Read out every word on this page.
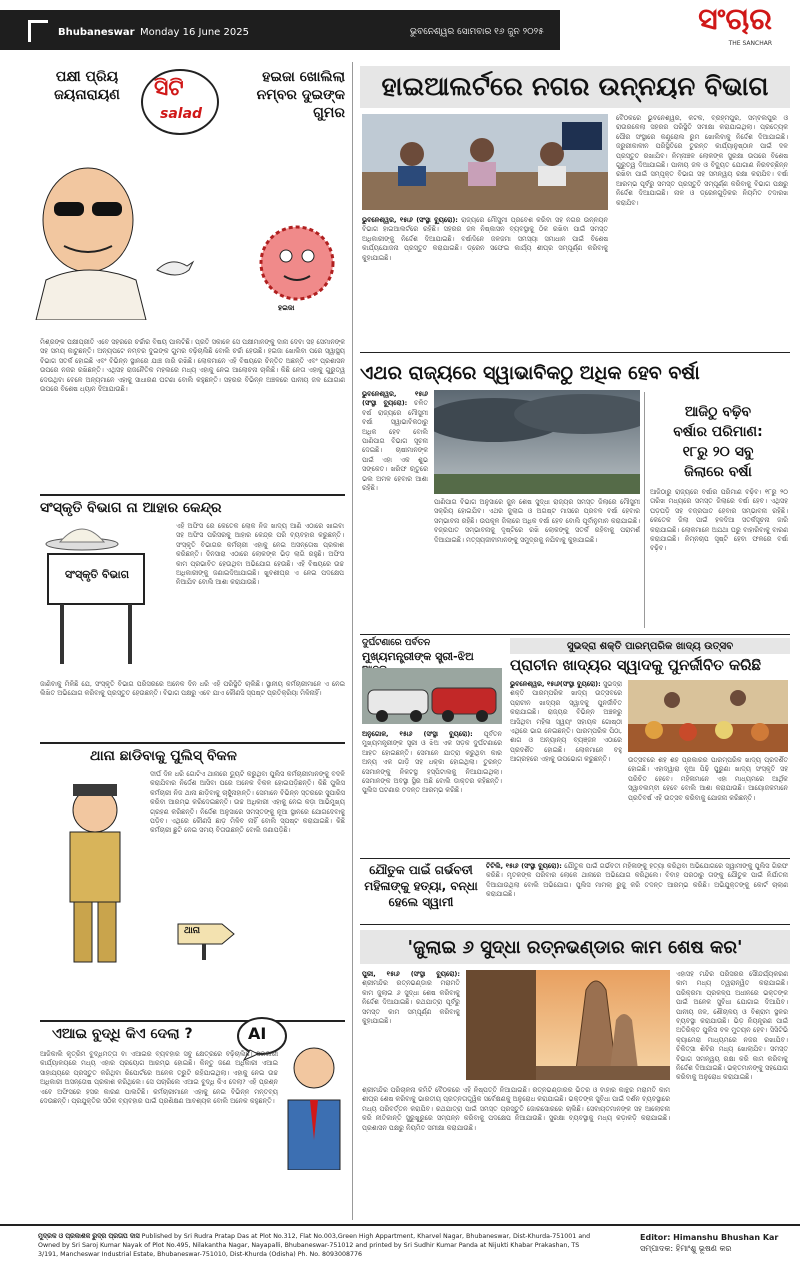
Bhubaneswar Monday 16 June 2025	ଭୁବନେଶ୍ୱର ସୋମବାର ୧୬ ଜୁନ ୨୦୨୫	ସଂଚାର
THE SANCHAR
ପକ୍ଷୀ ପ୍ରିୟ
ଜୟନାରାୟଣ
ହଇଜା ଖୋଲିଲା
ନମ୍ବର ଦୁଇଙ୍କ
ଗୁମର
ସିଟି
salad
ହଇଜା
ମିଶ୍ରଙ୍କ ପକ୍ଷୀପ୍ରୀତି ଏବେ ସହରରେ ଚର୍ଚ୍ଚାର ବିଷୟ ପାଲଟିଛି। ପ୍ରତି ସକାଳେ ସେ ପକ୍ଷୀମାନଙ୍କୁ ଦାନା ଦେବା ସହ ସେମାନଙ୍କ ସହ ସମୟ କାଟୁଛନ୍ତି। ଅନ୍ୟପଟେ ନମ୍ବର ଦୁଇଙ୍କ ଗୁମର ବଢ଼ିଚାଲିଛି ବୋଲି ଚର୍ଚ୍ଚା ହେଉଛି। ହଇଜା ଖୋଲିବା ପରେ ସ୍ୱାସ୍ଥ୍ୟ ବିଭାଗ ସତର୍କ ହୋଇଛି ଏବଂ ବିଭିନ୍ନ ସ୍ଥାନରେ ଯାଞ୍ଚ ଜାରି ରଖିଛି। ଲୋକମାନେ ଏହି ବିଷୟରେ ଚିନ୍ତିତ ଅଛନ୍ତି ଏବଂ ପ୍ରଶାସନ ଉପରେ ନଜର ରଖିଛନ୍ତି। ଏଥିସହ ରାଜନୈତିକ ମହଲରେ ମଧ୍ୟ ଏହାକୁ ନେଇ ଆଲୋଚନା ଚାଲିଛି। କିଛି ନେତା ଏହାକୁ ଗୁରୁତ୍ୱ ଦେଉଥିବା ବେଳେ ଅନ୍ୟମାନେ ଏହାକୁ ସାଧାରଣ ଘଟଣା ବୋଲି କହୁଛନ୍ତି। ସହରର ବିଭିନ୍ନ ଅଞ୍ଚଳରେ ପାନୀୟ ଜଳ ଯୋଗାଣ ଉପରେ ବିଶେଷ ଧ୍ୟାନ ଦିଆଯାଉଛି।
ସଂସ୍କୃତି ବିଭାଗ ନା ଆହାର କେନ୍ଦ୍ର
ସଂସ୍କୃତି ବିଭାଗ
ଏହି ଅଫିସ ରେ କେତେକ ଲୋକ ନିଜ ଖାଦ୍ୟ ଆଣି ଏଠାରେ ଖାଇବା ସହ ଅଫିସ ପରିସରକୁ ଆହାର କେନ୍ଦ୍ର ପରି ବ୍ୟବହାର କରୁଛନ୍ତି। ସଂସ୍କୃତି ବିଭାଗର କର୍ମଚାରୀ ଏହାକୁ ନେଇ ଅସନ୍ତୋଷ ପ୍ରକାଶ କରିଛନ୍ତି। ଦିନସାରା ଏଠାରେ ଲୋକଙ୍କ ଭିଡ଼ ଲାଗି ରହୁଛି। ଅଫିସ କାମ ପ୍ରଭାବିତ ହେଉଥିବା ଅଭିଯୋଗ ହେଉଛି। ଏହି ବିଷୟରେ ଉଚ୍ଚ ଅଧିକାରୀଙ୍କୁ ଜଣାଇଦିଆଯାଇଛି। ଖୁବଶୀଘ୍ର ଏ ନେଇ ପଦକ୍ଷେପ ନିଆଯିବ ବୋଲି ଆଶା କରାଯାଉଛି।
ଜାଣିବାକୁ ମିଳିଛି ଯେ, ସଂସ୍କୃତି ବିଭାଗ ପରିସରରେ ଅନେକ ଦିନ ଧରି ଏହି ପରିସ୍ଥିତି ଚାଲିଛି। ସ୍ଥାନୀୟ କର୍ମଚାରୀମାନେ ଏ ନେଇ ଲିଖିତ ଅଭିଯୋଗ କରିବାକୁ ପ୍ରସ୍ତୁତ ହେଉଛନ୍ତି। ବିଭାଗ ପକ୍ଷରୁ ଏବେ ଯାଏ କୌଣସି ସ୍ପଷ୍ଟ ପ୍ରତିକ୍ରିୟା ମିଳିନାହିଁ।
ଥାନା ଛାଡିବାକୁ ପୁଲିସ୍ ବିକଳ
ଥାନା
ଦୀର୍ଘ ଦିନ ଧରି ଗୋଟିଏ ଥାନାରେ ଡ୍ୟୁଟି କରୁଥିବା ପୁଲିସ କର୍ମଚାରୀମାନଙ୍କୁ ବଦଳି କରାଯିବାର ନିର୍ଦ୍ଦେଶ ଆସିବା ପରେ ଅନେକ ବିକଳ ହୋଇପଡ଼ିଛନ୍ତି। କିଛି ପୁଲିସ କର୍ମଚାରୀ ନିଜ ଥାନା ଛାଡ଼ିବାକୁ ଚାହୁଁନାହାନ୍ତି। ସେମାନେ ବିଭିନ୍ନ ସ୍ତରରେ ସୁପାରିସ କରିବା ଆରମ୍ଭ କରିଦେଇଛନ୍ତି। ଉଚ୍ଚ ଅଧିକାରୀ ଏହାକୁ ନେଇ କଡ଼ା ଆଭିମୁଖ୍ୟ ଗ୍ରହଣ କରିଛନ୍ତି। ନିର୍ଦ୍ଦେଶ ଅନୁସାରେ ସମସ୍ତଙ୍କୁ ନୂଆ ସ୍ଥାନରେ ଯୋଗଦେବାକୁ ପଡ଼ିବ। ଏଥିରେ କୌଣସି ଛାଡ଼ ମିଳିବ ନାହିଁ ବୋଲି ସ୍ପଷ୍ଟ କରାଯାଇଛି। କିଛି କର୍ମଚାରୀ ଛୁଟି ନେଇ ସମୟ ବିତାଉଛନ୍ତି ବୋଲି ଜଣାପଡ଼ିଛି।
ଏଆଇ ବୁଦ୍ଧି କିଏ ଦେଲା ?	AI
ଆଜିକାଲି କୃତ୍ରିମ ବୁଦ୍ଧିମତ୍ତା ବା ଏଆଇର ବ୍ୟବହାର ସବୁ କ୍ଷେତ୍ରରେ ବଢ଼ିଚାଲିଛି। ସରକାରୀ କାର୍ଯ୍ୟାଳୟରେ ମଧ୍ୟ ଏହାର ପ୍ରୟୋଗ ଆରମ୍ଭ ହୋଇଛି। କିନ୍ତୁ ଜଣେ ଅଧିକାରୀ ଏଆଇ ସାହାଯ୍ୟରେ ପ୍ରସ୍ତୁତ କରିଥିବା ରିପୋର୍ଟରେ ଅନେକ ତ୍ରୁଟି ରହିଯାଇଥିଲା। ଏହାକୁ ନେଇ ଉଚ୍ଚ ଅଧିକାରୀ ଅସନ୍ତୋଷ ପ୍ରକାଶ କରିଥିଲେ। ସେ ପଚାରିଲେ ଏଆଇ ବୁଦ୍ଧି କିଏ ଦେଲା? ଏହି ପ୍ରଶ୍ନ ଏବେ ଅଫିସରେ ହସର କାରଣ ପାଲଟିଛି। କର୍ମଚାରୀମାନେ ଏହାକୁ ନେଇ ବିଭିନ୍ନ ମନ୍ତବ୍ୟ ଦେଉଛନ୍ତି। ପ୍ରଯୁକ୍ତିର ସଠିକ ବ୍ୟବହାର ପାଇଁ ପ୍ରଶିକ୍ଷଣ ଆବଶ୍ୟକ ବୋଲି ଅନେକ କହୁଛନ୍ତି।
ହାଇଆଲର୍ଟରେ ନଗର ଉନ୍ନୟନ ବିଭାଗ
ଭୁବନେଶ୍ୱର, ୧୫ା୬ (ସଂସ୍ଥା ବ୍ୟୁରୋ): ରାଜ୍ୟରେ ମୌସୁମୀ ପ୍ରବେଶ କରିବା ସହ ନଗର ଉନ୍ନୟନ ବିଭାଗ ହାଇଆଲର୍ଟରେ ରହିଛି। ସହରର ଜଳ ନିଷ୍କାସନ ବ୍ୟବସ୍ଥାକୁ ଠିକ ରଖିବା ପାଇଁ ସମସ୍ତ ଅଧିକାରୀଙ୍କୁ ନିର୍ଦ୍ଦେଶ ଦିଆଯାଇଛି। ବର୍ଷାଦିନେ ଜଳଜମା ସମସ୍ୟା ସମାଧାନ ପାଇଁ ବିଶେଷ କାର୍ଯ୍ୟଯୋଜନା ପ୍ରସ୍ତୁତ କରାଯାଇଛି। ଡ୍ରେନ ସଫେଇ କାର୍ଯ୍ୟ ଶୀଘ୍ର ସମ୍ପୂର୍ଣ୍ଣ କରିବାକୁ କୁହାଯାଇଛି।
ବୈଠକରେ ଭୁବନେଶ୍ୱର, କଟକ, ବ୍ରହ୍ମପୁର, ସମ୍ବଲପୁର ଓ ରାଉରକେଲା ସହରର ପରିସ୍ଥିତି ସମୀକ୍ଷା କରାଯାଇଥିଲା। ପ୍ରତ୍ୟେକ ପୌର ସଂସ୍ଥାରେ କଣ୍ଟ୍ରୋଲ ରୁମ ଖୋଲିବାକୁ ନିର୍ଦ୍ଦେଶ ଦିଆଯାଇଛି। ଜରୁରୀକାଳୀନ ପରିସ୍ଥିତିରେ ତୁରନ୍ତ କାର୍ଯ୍ୟାନୁଷ୍ଠାନ ପାଇଁ ଦଳ ପ୍ରସ୍ତୁତ ରଖାଯିବ। ନିମ୍ନାଞ୍ଚଳ ଲୋକଙ୍କ ସୁରକ୍ଷା ଉପରେ ବିଶେଷ ଗୁରୁତ୍ୱ ଦିଆଯାଇଛି। ପାନୀୟ ଜଳ ଓ ବିଦ୍ୟୁତ ଯୋଗାଣ ନିରବଚ୍ଛିନ୍ନ ରଖିବା ପାଇଁ ସମ୍ପୃକ୍ତ ବିଭାଗ ସହ ସମନ୍ୱୟ ରକ୍ଷା କରାଯିବ। ବର୍ଷା ଆରମ୍ଭ ପୂର୍ବରୁ ସମସ୍ତ ପ୍ରସ୍ତୁତି ସମ୍ପୂର୍ଣ୍ଣ କରିବାକୁ ବିଭାଗ ପକ୍ଷରୁ ନିର୍ଦ୍ଦେଶ ଦିଆଯାଇଛି। ନାଳ ଓ ଡ୍ରେନଗୁଡ଼ିକର ନିୟମିତ ତଦାରଖ କରାଯିବ।
ଏଥର ରାଜ୍ୟରେ ସ୍ୱାଭାବିକଠୁ ଅଧିକ ହେବ ବର୍ଷା
ଭୁବନେଶ୍ୱର, ୧୫ା୬ (ସଂସ୍ଥା ବ୍ୟୁରୋ): ଚଳିତ ବର୍ଷ ରାଜ୍ୟରେ ମୌସୁମୀ ବର୍ଷା ସ୍ୱାଭାବିକଠାରୁ ଅଧିକ ହେବ ବୋଲି ପାଣିପାଗ ବିଭାଗ ସୂଚନା ଦେଇଛି। ଚାଷୀମାନଙ୍କ ପାଇଁ ଏହା ଏକ ଶୁଭ ସଙ୍କେତ। ଖରିଫ ଋତୁରେ ଭଲ ଅମଳ ହେବାର ଆଶା ରହିଛି।
ପାଣିପାଗ ବିଭାଗ ଅନୁସାରେ ଜୁନ ଶେଷ ସୁଦ୍ଧା ରାଜ୍ୟର ସମସ୍ତ ଜିଲାରେ ମୌସୁମୀ ସକ୍ରିୟ ହୋଇଯିବ। ଏଥର ଜୁଲାଇ ଓ ଅଗଷ୍ଟ ମାସରେ ପ୍ରବଳ ବର୍ଷା ହେବାର ସମ୍ଭାବନା ରହିଛି। ଉପକୂଳ ଜିଲାରେ ଅଧିକ ବର୍ଷା ହେବ ବୋଲି ପୂର୍ବାନୁମାନ କରାଯାଇଛି। ବଜ୍ରପାତ ସମ୍ଭାବନାକୁ ଦୃଷ୍ଟିରେ ରଖି ଲୋକଙ୍କୁ ସତର୍କ ରହିବାକୁ ପରାମର୍ଶ ଦିଆଯାଇଛି। ମତ୍ସ୍ୟଜୀବୀମାନଙ୍କୁ ସମୁଦ୍ରକୁ ନଯିବାକୁ କୁହାଯାଇଛି।
ଆଜିଠୁ ବଢ଼ିବ
ବର୍ଷାର ପରିମାଣ:
୧୮ରୁ ୨୦ ସବୁ
ଜିଲାରେ ବର୍ଷା
ଆଜିଠାରୁ ରାଜ୍ୟରେ ବର୍ଷାର ପରିମାଣ ବଢ଼ିବ। ୧୮ରୁ ୨୦ ତାରିଖ ମଧ୍ୟରେ ସମସ୍ତ ଜିଲାରେ ବର୍ଷା ହେବ। ଏଥିସହ ଘଡ଼ଘଡ଼ି ସହ ବଜ୍ରପାତ ହେବାର ସମ୍ଭାବନା ରହିଛି। କେତେକ ଜିଲା ପାଇଁ ହଳଦିଆ ସତର୍କସୂଚନା ଜାରି କରାଯାଇଛି। ଲୋକମାନେ ଅଯଥା ଘରୁ ବାହାରିବାକୁ ବାରଣ କରାଯାଇଛି। ନିମ୍ନଚାପ ସୃଷ୍ଟି ହେବା ଫଳରେ ବର୍ଷା ବଢ଼ିବ।
ଦୁର୍ଘଟଣାରେ ପର୍ବତନ
ମୁଖ୍ୟମନ୍ତ୍ରୀଙ୍କ ସ୍ତ୍ରୀ-ଝିଅ
ଅନୁଗୋଳ, ୧୫ା୬ (ସଂସ୍ଥା ବ୍ୟୁରୋ): ପୂର୍ବତନ ମୁଖ୍ୟମନ୍ତ୍ରୀଙ୍କ ସ୍ତ୍ରୀ ଓ ଝିଅ ଏକ ସଡ଼କ ଦୁର୍ଘଟଣାରେ ଆହତ ହୋଇଛନ୍ତି। ସେମାନେ ଯାତ୍ରା କରୁଥିବା କାର ଅନ୍ୟ ଏକ ଗାଡ଼ି ସହ ଧକ୍କା ହୋଇଥିଲା। ତୁରନ୍ତ ସେମାନଙ୍କୁ ନିକଟସ୍ଥ ହସ୍ପିଟାଲକୁ ନିଆଯାଇଥିଲା। ସେମାନଙ୍କ ଅବସ୍ଥା ସ୍ଥିର ଅଛି ବୋଲି ଡାକ୍ତର କହିଛନ୍ତି। ପୁଲିସ ଘଟଣାର ତଦନ୍ତ ଆରମ୍ଭ କରିଛି।
ସୁଭଦ୍ରା ଶକ୍ତି ପାରମ୍ପରିକ ଖାଦ୍ୟ ଉତ୍ସବ
ପ୍ରାଚୀନ ଖାଦ୍ୟର ସ୍ୱାଦକୁ ପୁନର୍ଜୀବିତ କରିଛି
ଭୁବନେଶ୍ୱର, ୧୫ା୬(ସଂସ୍ଥା ବ୍ୟୁରୋ): ସୁଭଦ୍ରା ଶକ୍ତି ପାରମ୍ପରିକ ଖାଦ୍ୟ ଉତ୍ସବରେ ପ୍ରାଚୀନ ଖାଦ୍ୟର ସ୍ୱାଦକୁ ପୁନର୍ଜୀବିତ କରାଯାଇଛି। ରାଜ୍ୟର ବିଭିନ୍ନ ଅଞ୍ଚଳରୁ ଆସିଥିବା ମହିଳା ସ୍ୱୟଂ ସହାୟକ ଗୋଷ୍ଠୀ ଏଥିରେ ଭାଗ ନେଇଛନ୍ତି। ପାରମ୍ପରିକ ପିଠା, ଶାଗ ଓ ଅନ୍ୟାନ୍ୟ ବ୍ୟଞ୍ଜନ ଏଠାରେ ପ୍ରଦର୍ଶିତ ହୋଇଛି। ଲୋକମାନେ ବହୁ ଆଗ୍ରହରେ ଏହାକୁ ଉପଭୋଗ କରୁଛନ୍ତି।	ଉତ୍ସବରେ ଶହ ଶହ ପ୍ରକାରର ପାରମ୍ପରିକ ଖାଦ୍ୟ ପ୍ରଦର୍ଶିତ ହୋଇଛି। ଏହାଦ୍ୱାରା ନୂଆ ପିଢ଼ି ପୁରୁଣା ଖାଦ୍ୟ ସଂସ୍କୃତି ସହ ପରିଚିତ ହେବେ। ମହିଳାମାନେ ଏହା ମାଧ୍ୟମରେ ଆର୍ଥିକ ସ୍ୱାବଲମ୍ବୀ ହେବେ ବୋଲି ଆଶା କରାଯାଉଛି। ଆୟୋଜକମାନେ ପ୍ରତିବର୍ଷ ଏହି ଉତ୍ସବ କରିବାକୁ ଯୋଜନା କରିଛନ୍ତି।
ଯୌତୁକ ପାଇଁ ଗର୍ଭବତୀ
ମହିଳାଙ୍କୁ ହତ୍ୟା, ବନ୍ଧା
ହେଲେ ସ୍ୱାମୀ
ଟିଟିଲି, ୧୫ା୬ (ସଂସ୍ଥା ବ୍ୟୁରୋ): ଯୌତୁକ ପାଇଁ ଗର୍ଭବତୀ ମହିଳାଙ୍କୁ ହତ୍ୟା କରିଥିବା ଅଭିଯୋଗରେ ସ୍ୱାମୀଙ୍କୁ ପୁଲିସ ଗିରଫ କରିଛି। ମୃତକଙ୍କ ପରିବାର ଲୋକେ ଥାନାରେ ଅଭିଯୋଗ କରିଥିଲେ। ବିବାହ ପରଠାରୁ ତାଙ୍କୁ ଯୌତୁକ ପାଇଁ ନିର୍ଯାତନା ଦିଆଯାଉଥିଲା ବୋଲି ଅଭିଯୋଗ। ପୁଲିସ ମାମଲା ରୁଜୁ କରି ତଦନ୍ତ ଆରମ୍ଭ କରିଛି। ଅଭିଯୁକ୍ତଙ୍କୁ କୋର୍ଟ ଚାଲାଣ କରାଯାଇଛି।
'ଜୁଲାଇ ୬ ସୁଦ୍ଧା ରତ୍ନଭଣ୍ଡାର କାମ ଶେଷ କର'
ପୁରୀ, ୧୫ା୬ (ସଂସ୍ଥା ବ୍ୟୁରୋ): ଶ୍ରୀମନ୍ଦିର ରତ୍ନଭଣ୍ଡାର ମରାମତି କାମ ଜୁଲାଇ ୬ ସୁଦ୍ଧା ଶେଷ କରିବାକୁ ନିର୍ଦ୍ଦେଶ ଦିଆଯାଇଛି। ରଥଯାତ୍ରା ପୂର୍ବରୁ ସମସ୍ତ କାମ ସମ୍ପୂର୍ଣ୍ଣ କରିବାକୁ କୁହାଯାଇଛି।
ଶ୍ରୀମନ୍ଦିର ପରିଚାଳନା କମିଟି ବୈଠକରେ ଏହି ନିଷ୍ପତ୍ତି ନିଆଯାଇଛି। ରତ୍ନଭଣ୍ଡାରର ଭିତର ଓ ବାହାର କାନ୍ଥର ମରାମତି କାମ ଶୀଘ୍ର ଶେଷ କରିବାକୁ ଭାରତୀୟ ପ୍ରତ୍ନତାତ୍ତ୍ୱିକ ସର୍ବେକ୍ଷଣକୁ ଅନୁରୋଧ କରାଯାଇଛି। ଭକ୍ତଙ୍କ ସୁବିଧା ପାଇଁ ଦର୍ଶନ ବ୍ୟବସ୍ଥାରେ ମଧ୍ୟ ପରିବର୍ତ୍ତନ କରାଯିବ। ରଥଯାତ୍ରା ପାଇଁ ସମସ୍ତ ପ୍ରସ୍ତୁତି ଜୋରସୋରରେ ଚାଲିଛି। ସେବାୟତମାନଙ୍କ ସହ ଆଲୋଚନା କରି ନୀତିକାନ୍ତି ସୁରୁଖୁରୁରେ ସମ୍ପନ୍ନ କରିବାକୁ ପଦକ୍ଷେପ ନିଆଯାଉଛି। ସୁରକ୍ଷା ବ୍ୟବସ୍ଥାକୁ ମଧ୍ୟ କଡ଼ାକଡ଼ି କରାଯାଇଛି। ପ୍ରଶାସନ ପକ୍ଷରୁ ନିୟମିତ ସମୀକ୍ଷା କରାଯାଉଛି।
ଏହାସହ ମନ୍ଦିର ପରିସରର ସୌନ୍ଦର୍ଯ୍ୟକରଣ କାମ ମଧ୍ୟ ତ୍ୱରାନ୍ୱିତ କରାଯାଇଛି। ପରିକ୍ରମା ପ୍ରକଳ୍ପ ଅଧୀନରେ ଭକ୍ତଙ୍କ ପାଇଁ ଅନେକ ସୁବିଧା ଯୋଗାଇ ଦିଆଯିବ। ପାନୀୟ ଜଳ, ଶୌଚାଳୟ ଓ ବିଶ୍ରାମ ସ୍ଥଳର ବ୍ୟବସ୍ଥା କରାଯାଉଛି। ଭିଡ଼ ନିୟନ୍ତ୍ରଣ ପାଇଁ ଅତିରିକ୍ତ ପୁଲିସ ବଳ ମୁତୟନ ହେବ। ସିସିଟିଭି କ୍ୟାମେରା ମାଧ୍ୟମରେ ନଜର ରଖାଯିବ। ଚିକିତ୍ସା ଶିବିର ମଧ୍ୟ ଖୋଲାଯିବ। ସମସ୍ତ ବିଭାଗ ସମନ୍ୱୟ ରକ୍ଷା କରି କାମ କରିବାକୁ ନିର୍ଦ୍ଦେଶ ଦିଆଯାଇଛି। ଭକ୍ତମାନଙ୍କୁ ସହଯୋଗ କରିବାକୁ ଅନୁରୋଧ କରାଯାଇଛି।
ମୁଦ୍ରକ ଓ ପ୍ରକାଶକ ରୁଦ୍ର ପ୍ରତାପ ଦାସ Published by Sri Rudra Pratap Das at Plot No.312, Flat No.003,Green High Appartment, Kharvel Nagar, Bhubaneswar, Dist-Khurda-751001 and Owned by Sri Saroj Kumar Nayak of Plot No.495, Nilakantha Nagar, Nayapalli, Bhubaneswar-751012 and printed by Sri Sudhir Kumar Panda at Nijukti Khabar Prakashan, TS 3/191, Mancheswar Industrial Estate, Bhubaneswar-751010, Dist-Khurda (Odisha) Ph. No. 8093008776
Editor: Himanshu Bhushan Kar
ସମ୍ପାଦକ: ହିମାଂଶୁ ଭୂଷଣ କର
